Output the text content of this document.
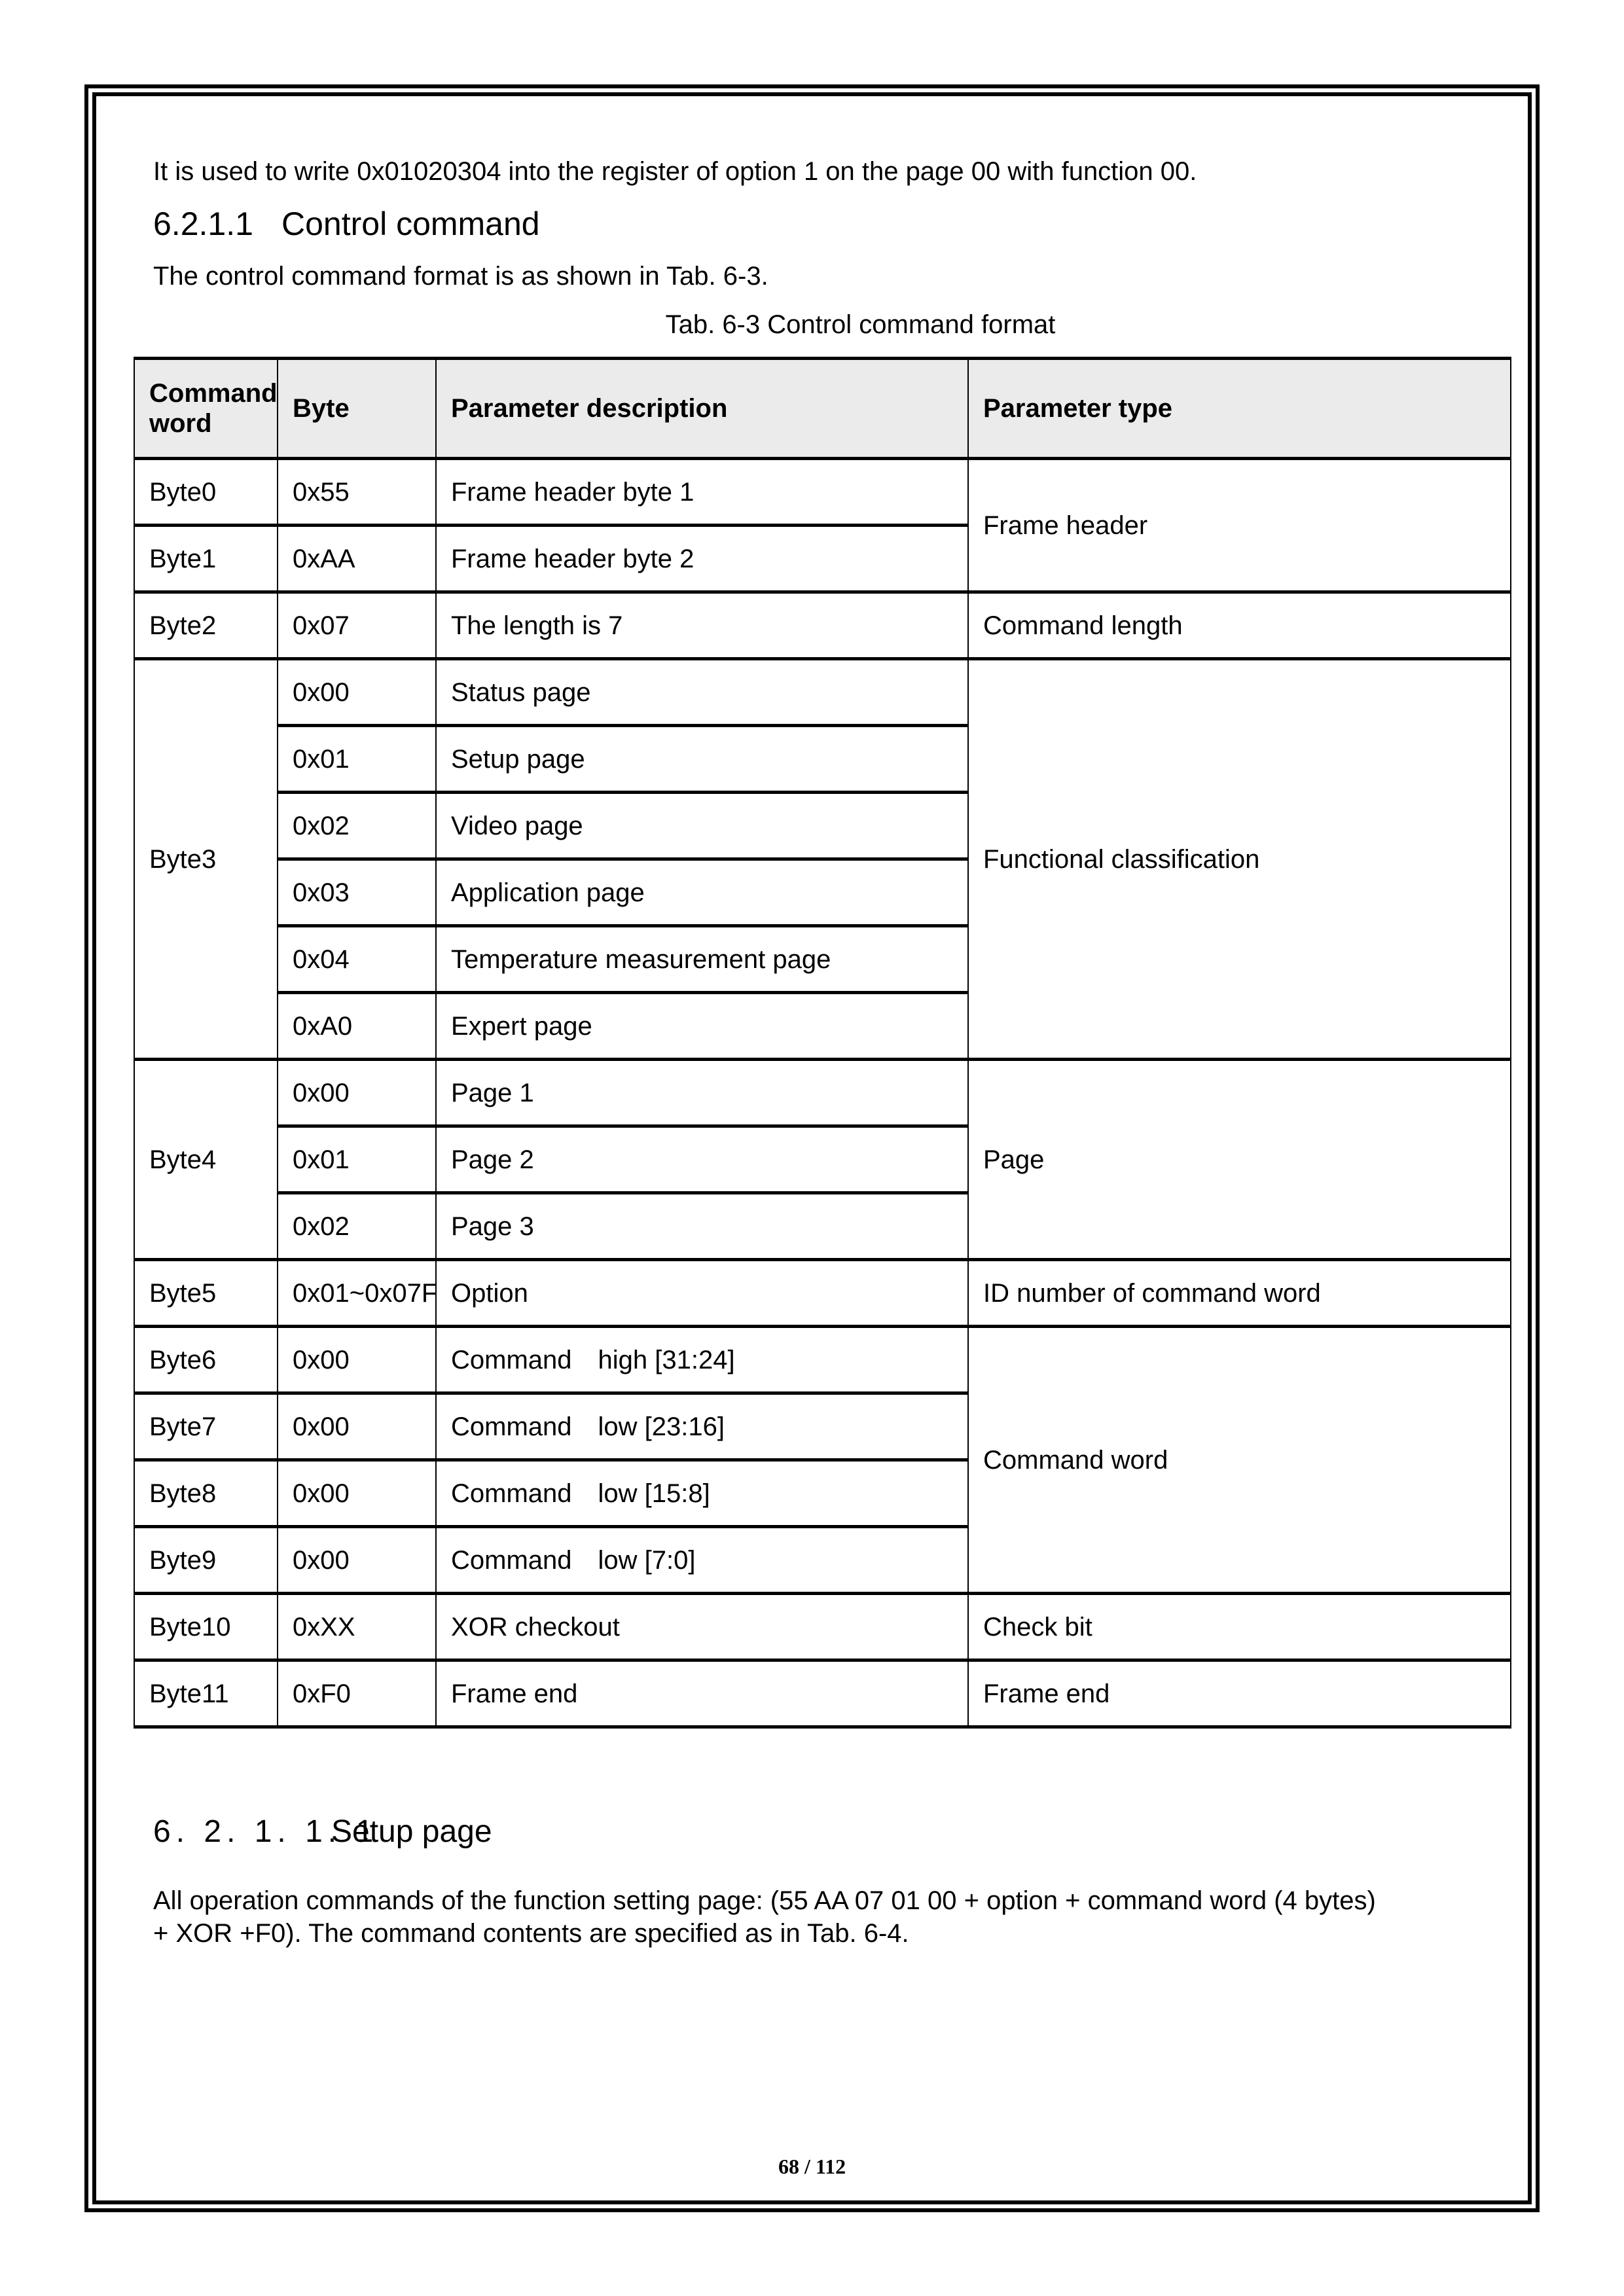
It is used to write 0x01020304 into the register of option 1 on the page 00 with function 00.
6.2.1.1 Control command
The control command format is as shown in Tab. 6-3.
Tab. 6-3 Control command format
Command word	Byte	Parameter description	Parameter type
Byte0	0x55	Frame header byte 1	Frame header
Byte1	0xAA	Frame header byte 2	
Byte2	0x07	The length is 7	Command length
Byte3	0x00	Status page	Functional classification
	0x01	Setup page	
	0x02	Video page	
	0x03	Application page	
	0x04	Temperature measurement page	
	0xA0	Expert page	
Byte4	0x00	Page 1	Page
	0x01	Page 2	
	0x02	Page 3	
Byte5	0x01~0x07F	Option	ID number of command word
Byte6	0x00	Command high [31:24]	Command word
Byte7	0x00	Command low [23:16]	
Byte8	0x00	Command low [15:8]	
Byte9	0x00	Command low [7:0]	
Byte10	0xXX	XOR checkout	Check bit
Byte11	0xF0	Frame end	Frame end
6. 2. 1. 1. 1Setup page
All operation commands of the function setting page: (55 AA 07 01 00 + option + command word (4 bytes)
+ XOR +F0). The command contents are specified as in Tab. 6-4.
68 / 112
